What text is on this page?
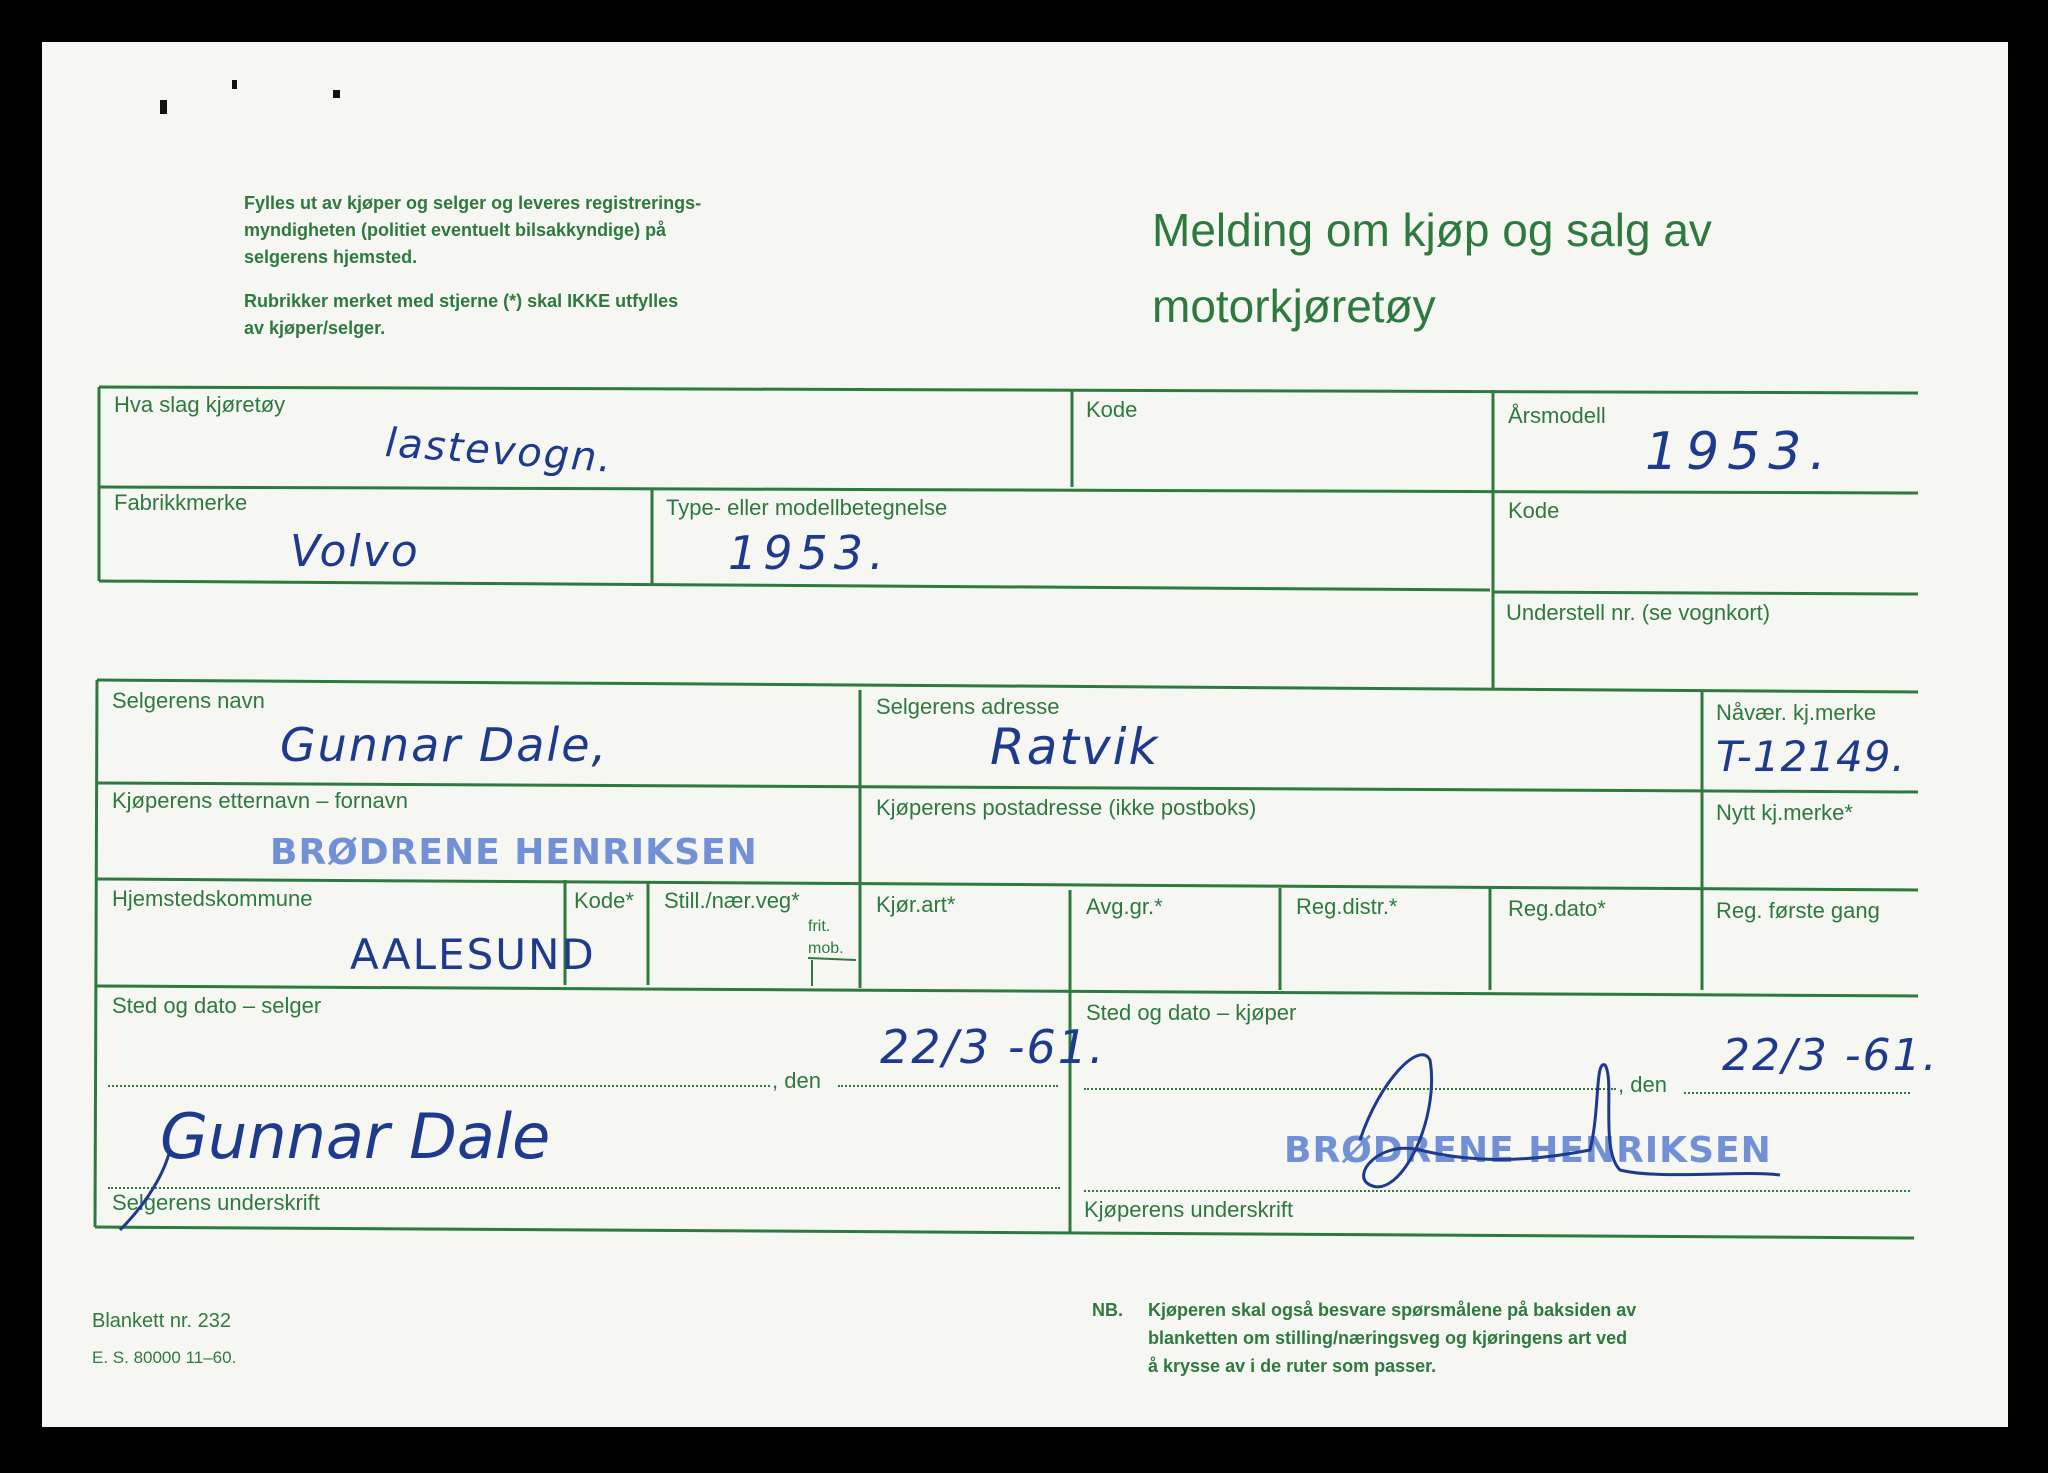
Fylles ut av kjøper og selger og leveres registrerings-
myndigheten (politiet eventuelt bilsakkyndige) på
selgerens hjemsted.
Rubrikker merket med stjerne (*) skal IKKE utfylles
av kjøper/selger.
Melding om kjøp og salg av
motorkjøretøy
Hva slag kjøretøy
lastevogn.
Kode	Årsmodell
1953.
Fabrikkmerke
Volvo
Type- eller modellbetegnelse
1953.
Kode
Understell nr. (se vognkort)
Selgerens navn
Gunnar Dale,
Selgerens adresse
Ratvik
Nåvær. kj.merke
T-12149.
Kjøperens etternavn – fornavn
BRØDRENE HENRIKSEN
Kjøperens postadresse (ikke postboks)	Nytt kj.merke*
Hjemstedskommune
AALESUND
Kode* Still./nær.veg*
frit.
mob.
Kjør.art*	Avg.gr.*	Reg.distr.*	Reg.dato*	Reg. første gang
Sted og dato – selger
, den
22/3 -61.
Sted og dato – kjøper
, den
22/3 -61.
Gunnar Dale
Selgerens underskrift
BRØDRENE HENRIKSEN
Kjøperens underskrift
Blankett nr. 232
E. S. 80000 11–60.
NB. Kjøperen skal også besvare spørsmålene på baksiden av
blanketten om stilling/næringsveg og kjøringens art ved
å krysse av i de ruter som passer.
